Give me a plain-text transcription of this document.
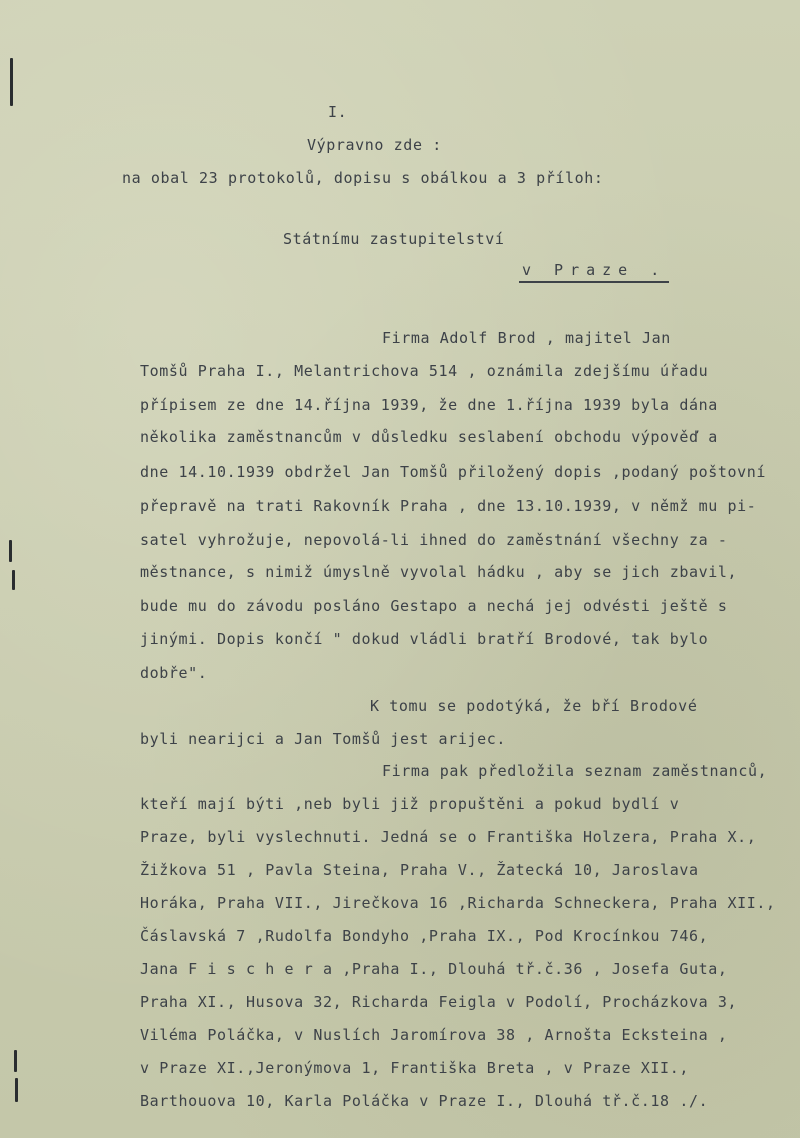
I.
Výpravno zde :
na obal 23 protokolů, dopisu s obálkou a 3 příloh:
Státnímu zastupitelství
v Praze .
Firma Adolf Brod , majitel Jan
Tomšů Praha I., Melantrichova 514 , oznámila zdejšímu úřadu
přípisem ze dne 14.října 1939, že dne 1.října 1939 byla dána
několika zaměstnancům v důsledku seslabení obchodu výpověď a
dne 14.10.1939 obdržel Jan Tomšů přiložený dopis ,podaný poštovní
přepravě na trati Rakovník Praha , dne 13.10.1939, v němž mu pi-
satel vyhrožuje, nepovolá-li ihned do zaměstnání všechny za -
městnance, s nimiž úmyslně vyvolal hádku , aby se jich zbavil,
bude mu do závodu posláno Gestapo a nechá jej odvésti ještě s
jinými. Dopis končí " dokud vládli bratří Brodové, tak bylo
dobře".
K tomu se podotýká, že bří Brodové
byli nearijci a Jan Tomšů jest arijec.
Firma pak předložila seznam zaměstnanců,
kteří mají býti ,neb byli již propuštěni a pokud bydlí v
Praze, byli vyslechnuti. Jedná se o Františka Holzera, Praha X.,
Žižkova 51 , Pavla Steina, Praha V., Žatecká 10, Jaroslava
Horáka, Praha VII., Jirečkova 16 ,Richarda Schneckera, Praha XII.,
Čáslavská 7 ,Rudolfa Bondyho ,Praha IX., Pod Krocínkou 746,
Jana F i s c h e r a ,Praha I., Dlouhá tř.č.36 , Josefa Guta,
Praha XI., Husova 32, Richarda Feigla v Podolí, Procházkova 3,
Viléma Poláčka, v Nuslích Jaromírova 38 , Arnošta Ecksteina ,
v Praze XI.,Jeronýmova 1, Františka Breta , v Praze XII.,
Barthouova 10, Karla Poláčka v Praze I., Dlouhá tř.č.18 ./.
